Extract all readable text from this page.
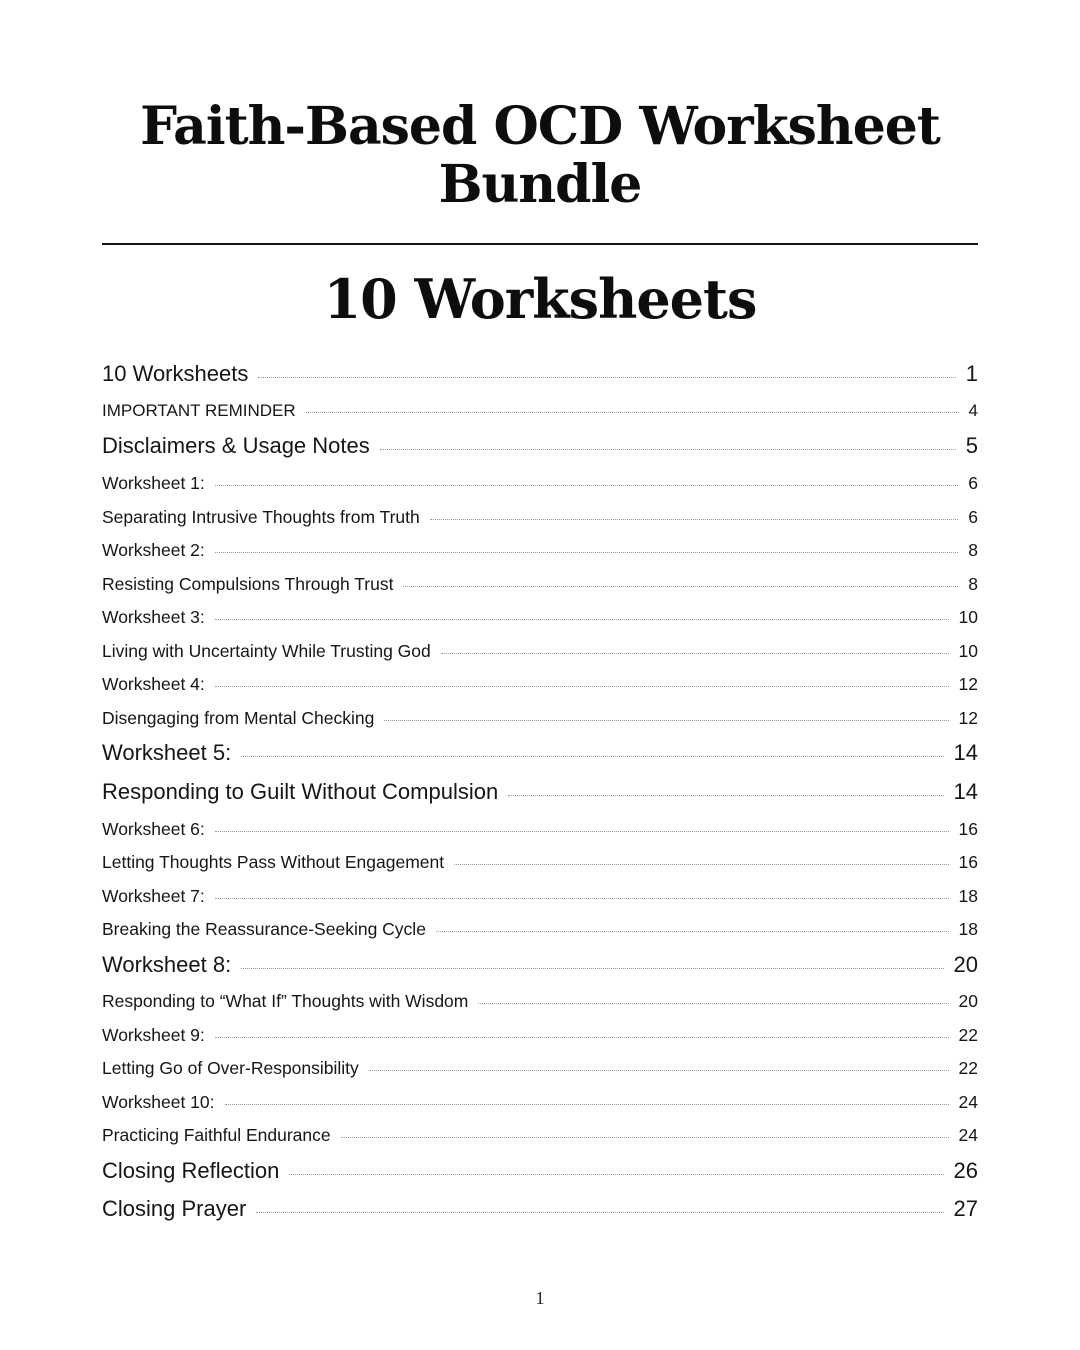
Faith-Based OCD Worksheet Bundle
10 Worksheets
10 Worksheets	1
IMPORTANT REMINDER	4
Disclaimers & Usage Notes	5
Worksheet 1:	6
Separating Intrusive Thoughts from Truth	6
Worksheet 2:	8
Resisting Compulsions Through Trust	8
Worksheet 3:	10
Living with Uncertainty While Trusting God	10
Worksheet 4:	12
Disengaging from Mental Checking	12
Worksheet 5:	14
Responding to Guilt Without Compulsion	14
Worksheet 6:	16
Letting Thoughts Pass Without Engagement	16
Worksheet 7:	18
Breaking the Reassurance-Seeking Cycle	18
Worksheet 8:	20
Responding to “What If” Thoughts with Wisdom	20
Worksheet 9:	22
Letting Go of Over-Responsibility	22
Worksheet 10:	24
Practicing Faithful Endurance	24
Closing Reflection	26
Closing Prayer	27
1
